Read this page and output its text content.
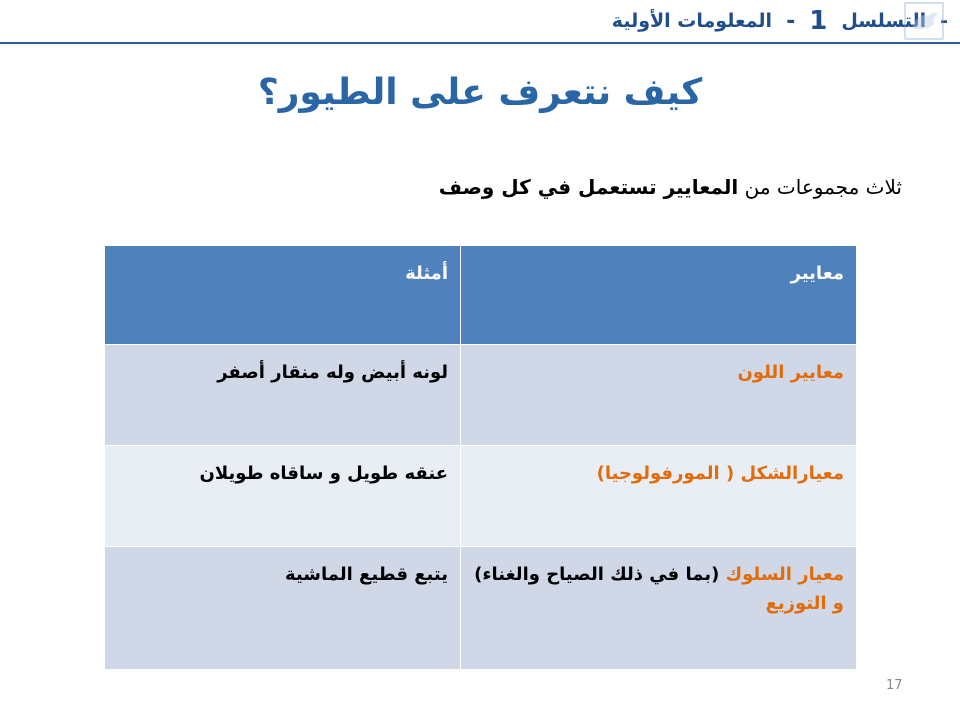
-
التسلسل
1
-
المعلومات الأولية
كيف نتعرف على الطيور؟
ثلاث مجموعات من المعايير تستعمل في كل وصف
معايير	أمثلة
معايير اللون	لونه أبيض وله منقار أصفر
معيارالشكل ( المورفولوجيا)	عنقه طويل و ساقاه طويلان
معيار السلوك (بما في ذلك الصياح والغناء) و التوزيع	يتبع قطيع الماشية
17
